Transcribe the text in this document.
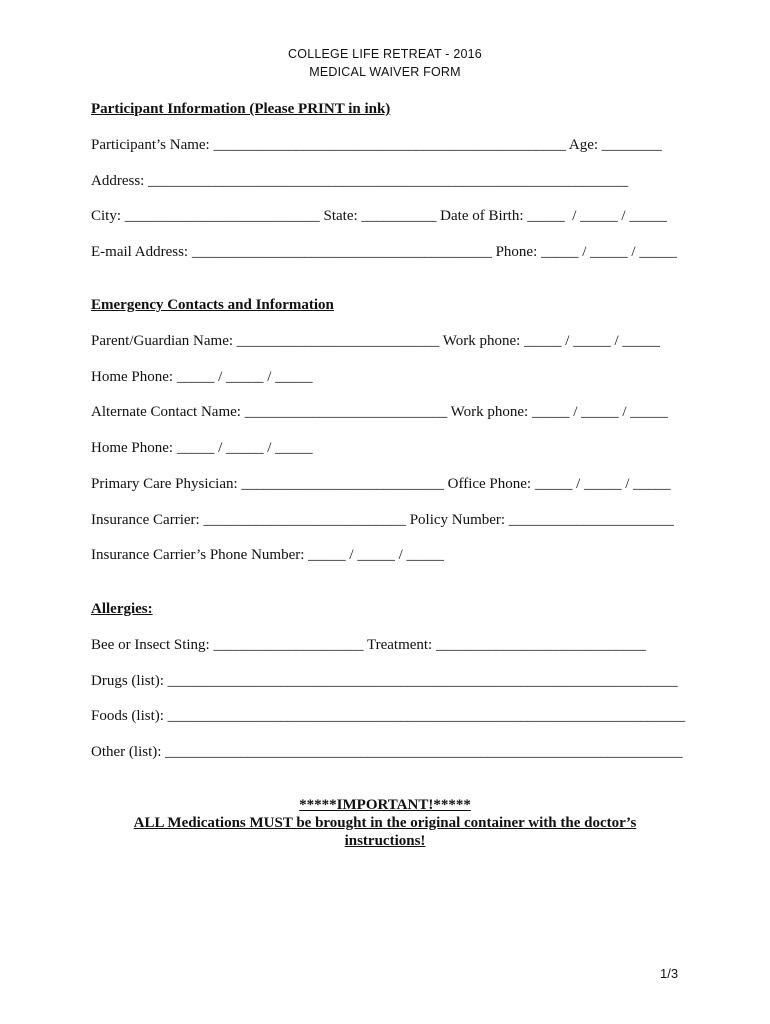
COLLEGE LIFE RETREAT - 2016
MEDICAL WAIVER FORM
Participant Information (Please PRINT in ink)
Participant’s Name: _______________________________________________ Age: ________
Address: ________________________________________________________________
City: __________________________ State: __________ Date of Birth: _____  / _____ / _____
E-mail Address: ________________________________________ Phone: _____ / _____ / _____
Emergency Contacts and Information
Parent/Guardian Name: ___________________________ Work phone: _____ / _____ / _____
Home Phone: _____ / _____ / _____
Alternate Contact Name: ___________________________ Work phone: _____ / _____ / _____
Home Phone: _____ / _____ / _____
Primary Care Physician: ___________________________ Office Phone: _____ / _____ / _____
Insurance Carrier: ___________________________ Policy Number: ______________________
Insurance Carrier’s Phone Number: _____ / _____ / _____
Allergies:
Bee or Insect Sting: ____________________ Treatment: ____________________________
Drugs (list): ____________________________________________________________________
Foods (list): _____________________________________________________________________
Other (list): _____________________________________________________________________
*****IMPORTANT!*****
ALL Medications MUST be brought in the original container with the doctor’s
instructions!
1/3
